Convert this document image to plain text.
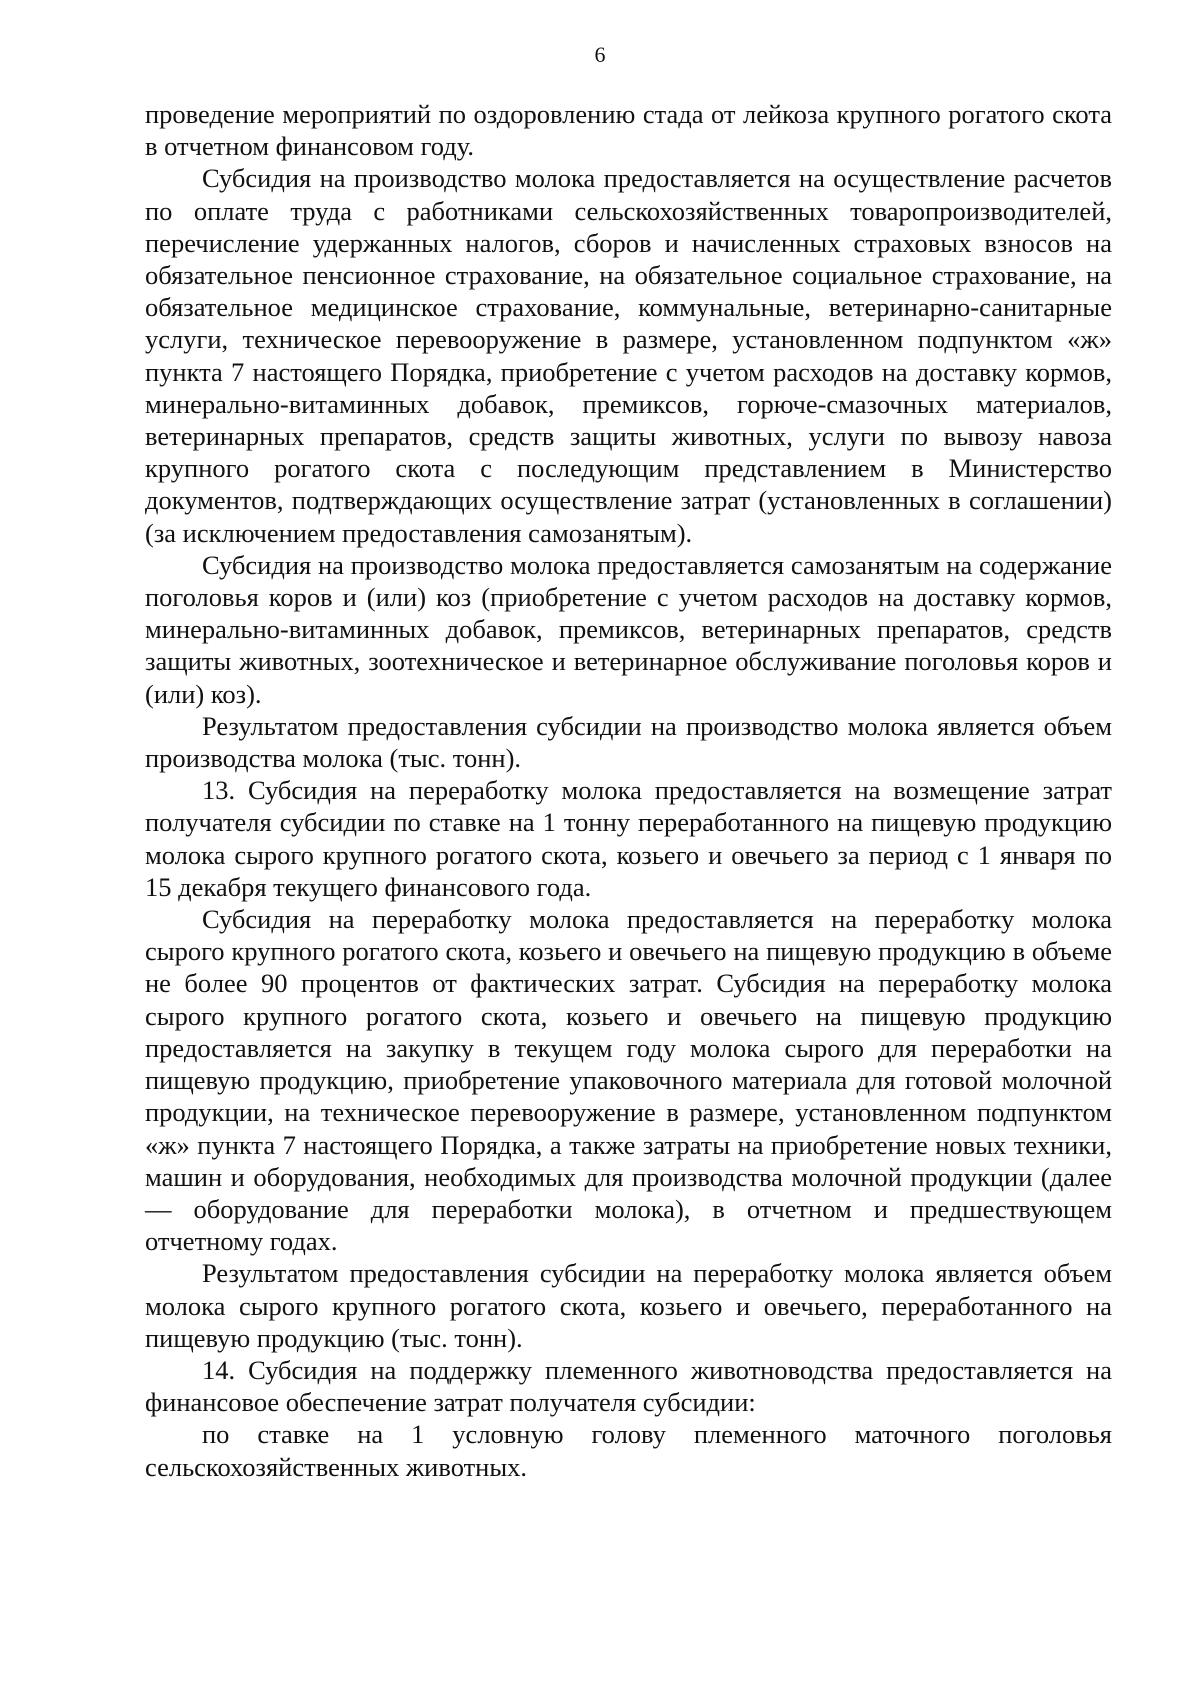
6

проведение мероприятий по оздоровлению стада от лейкоза крупного рогатого скота в отчетном финансовом году.

Субсидия на производство молока предоставляется на осуществление расчетов по оплате труда с работниками сельскохозяйственных товаропроизводителей, перечисление удержанных налогов, сборов и начисленных страховых взносов на обязательное пенсионное страхование, на обязательное социальное страхование, на обязательное медицинское страхование, коммунальные, ветеринарно-санитарные услуги, техническое перевооружение в размере, установленном подпунктом «ж» пункта 7 настоящего Порядка, приобретение с учетом расходов на доставку кормов, минерально-витаминных добавок, премиксов, горюче-смазочных материалов, ветеринарных препаратов, средств защиты животных, услуги по вывозу навоза крупного рогатого скота с последующим представлением в Министерство документов, подтверждающих осуществление затрат (установленных в соглашении) (за исключением предоставления самозанятым).

Субсидия на производство молока предоставляется самозанятым на содержание поголовья коров и (или) коз (приобретение с учетом расходов на доставку кормов, минерально-витаминных добавок, премиксов, ветеринарных препаратов, средств защиты животных, зоотехническое и ветеринарное обслуживание поголовья коров и (или) коз).

Результатом предоставления субсидии на производство молока является объем производства молока (тыс. тонн).

13. Субсидия на переработку молока предоставляется на возмещение затрат получателя субсидии по ставке на 1 тонну переработанного на пищевую продукцию молока сырого крупного рогатого скота, козьего и овечьего за период с 1 января по 15 декабря текущего финансового года.

Субсидия на переработку молока предоставляется на переработку молока сырого крупного рогатого скота, козьего и овечьего на пищевую продукцию в объеме не более 90 процентов от фактических затрат. Субсидия на переработку молока сырого крупного рогатого скота, козьего и овечьего на пищевую продукцию предоставляется на закупку в текущем году молока сырого для переработки на пищевую продукцию, приобретение упаковочного материала для готовой молочной продукции, на техническое перевооружение в размере, установленном подпунктом «ж» пункта 7 настоящего Порядка, а также затраты на приобретение новых техники, машин и оборудования, необходимых для производства молочной продукции (далее — оборудование для переработки молока), в отчетном и предшествующем отчетному годах.

Результатом предоставления субсидии на переработку молока является объем молока сырого крупного рогатого скота, козьего и овечьего, переработанного на пищевую продукцию (тыс. тонн).

14. Субсидия на поддержку племенного животноводства предоставляется на финансовое обеспечение затрат получателя субсидии:

по ставке на 1 условную голову племенного маточного поголовья сельскохозяйственных животных.
